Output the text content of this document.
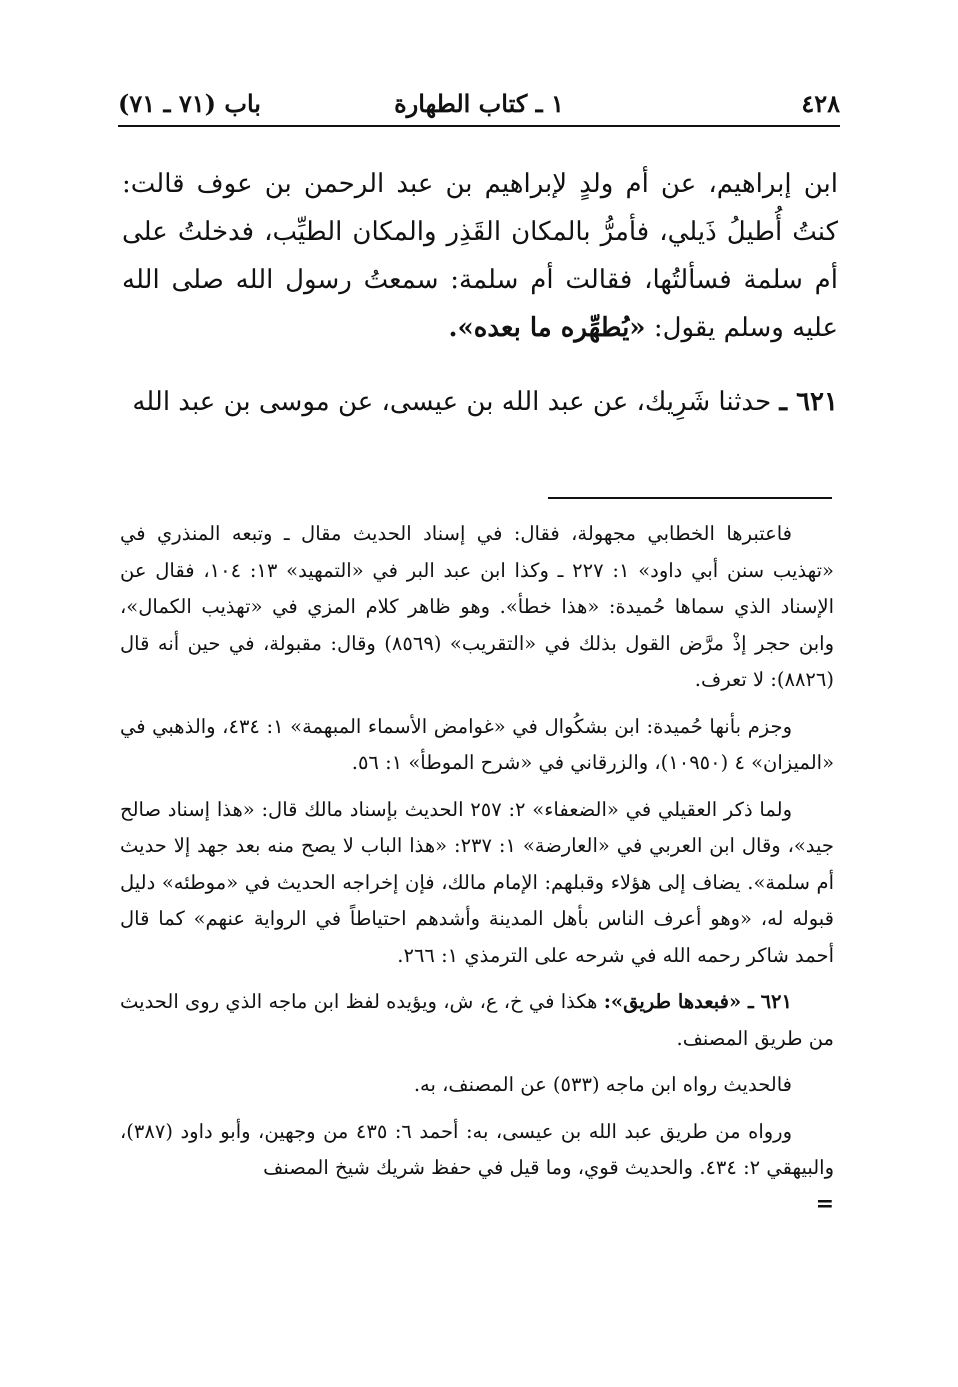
٤٢٨
١ ـ كتاب الطهارة
باب (٧١ ـ ٧١)

ابن إبراهيم، عن أم ولدٍ لإبراهيم بن عبد الرحمن بن عوف قالت: كنتُ أُطيلُ ذَيلي، فأمرُّ بالمكان القَذِر والمكان الطيِّب، فدخلتُ على أم سلمة فسألتُها، فقالت أم سلمة: سمعتُ رسول الله صلى الله عليه وسلم يقول: «يُطهِّره ما بعده».

٦٢١ ـ حدثنا شَرِيك، عن عبد الله بن عيسى، عن موسى بن عبد الله

فاعتبرها الخطابي مجهولة، فقال: في إسناد الحديث مقال ـ وتبعه المنذري في «تهذيب سنن أبي داود» ١: ٢٢٧ ـ وكذا ابن عبد البر في «التمهيد» ١٣: ١٠٤، فقال عن الإسناد الذي سماها حُميدة: «هذا خطأ». وهو ظاهر كلام المزي في «تهذيب الكمال»، وابن حجر إذْ مرَّض القول بذلك في «التقريب» (٨٥٦٩) وقال: مقبولة، في حين أنه قال (٨٨٢٦): لا تعرف.

وجزم بأنها حُميدة: ابن بشكُوال في «غوامض الأسماء المبهمة» ١: ٤٣٤، والذهبي في «الميزان» ٤ (١٠٩٥٠)، والزرقاني في «شرح الموطأ» ١: ٥٦.

ولما ذكر العقيلي في «الضعفاء» ٢: ٢٥٧ الحديث بإسناد مالك قال: «هذا إسناد صالح جيد»، وقال ابن العربي في «العارضة» ١: ٢٣٧: «هذا الباب لا يصح منه بعد جهد إلا حديث أم سلمة». يضاف إلى هؤلاء وقبلهم: الإمام مالك، فإن إخراجه الحديث في «موطئه» دليل قبوله له، «وهو أعرف الناس بأهل المدينة وأشدهم احتياطاً في الرواية عنهم» كما قال أحمد شاكر رحمه الله في شرحه على الترمذي ١: ٢٦٦.

٦٢١ ـ «فبعدها طريق»: هكذا في خ، ع، ش، ويؤيده لفظ ابن ماجه الذي روى الحديث من طريق المصنف.

فالحديث رواه ابن ماجه (٥٣٣) عن المصنف، به.

ورواه من طريق عبد الله بن عيسى، به: أحمد ٦: ٤٣٥ من وجهين، وأبو داود (٣٨٧)، والبيهقي ٢: ٤٣٤. والحديث قوي، وما قيل في حفظ شريك شيخ المصنف

=
